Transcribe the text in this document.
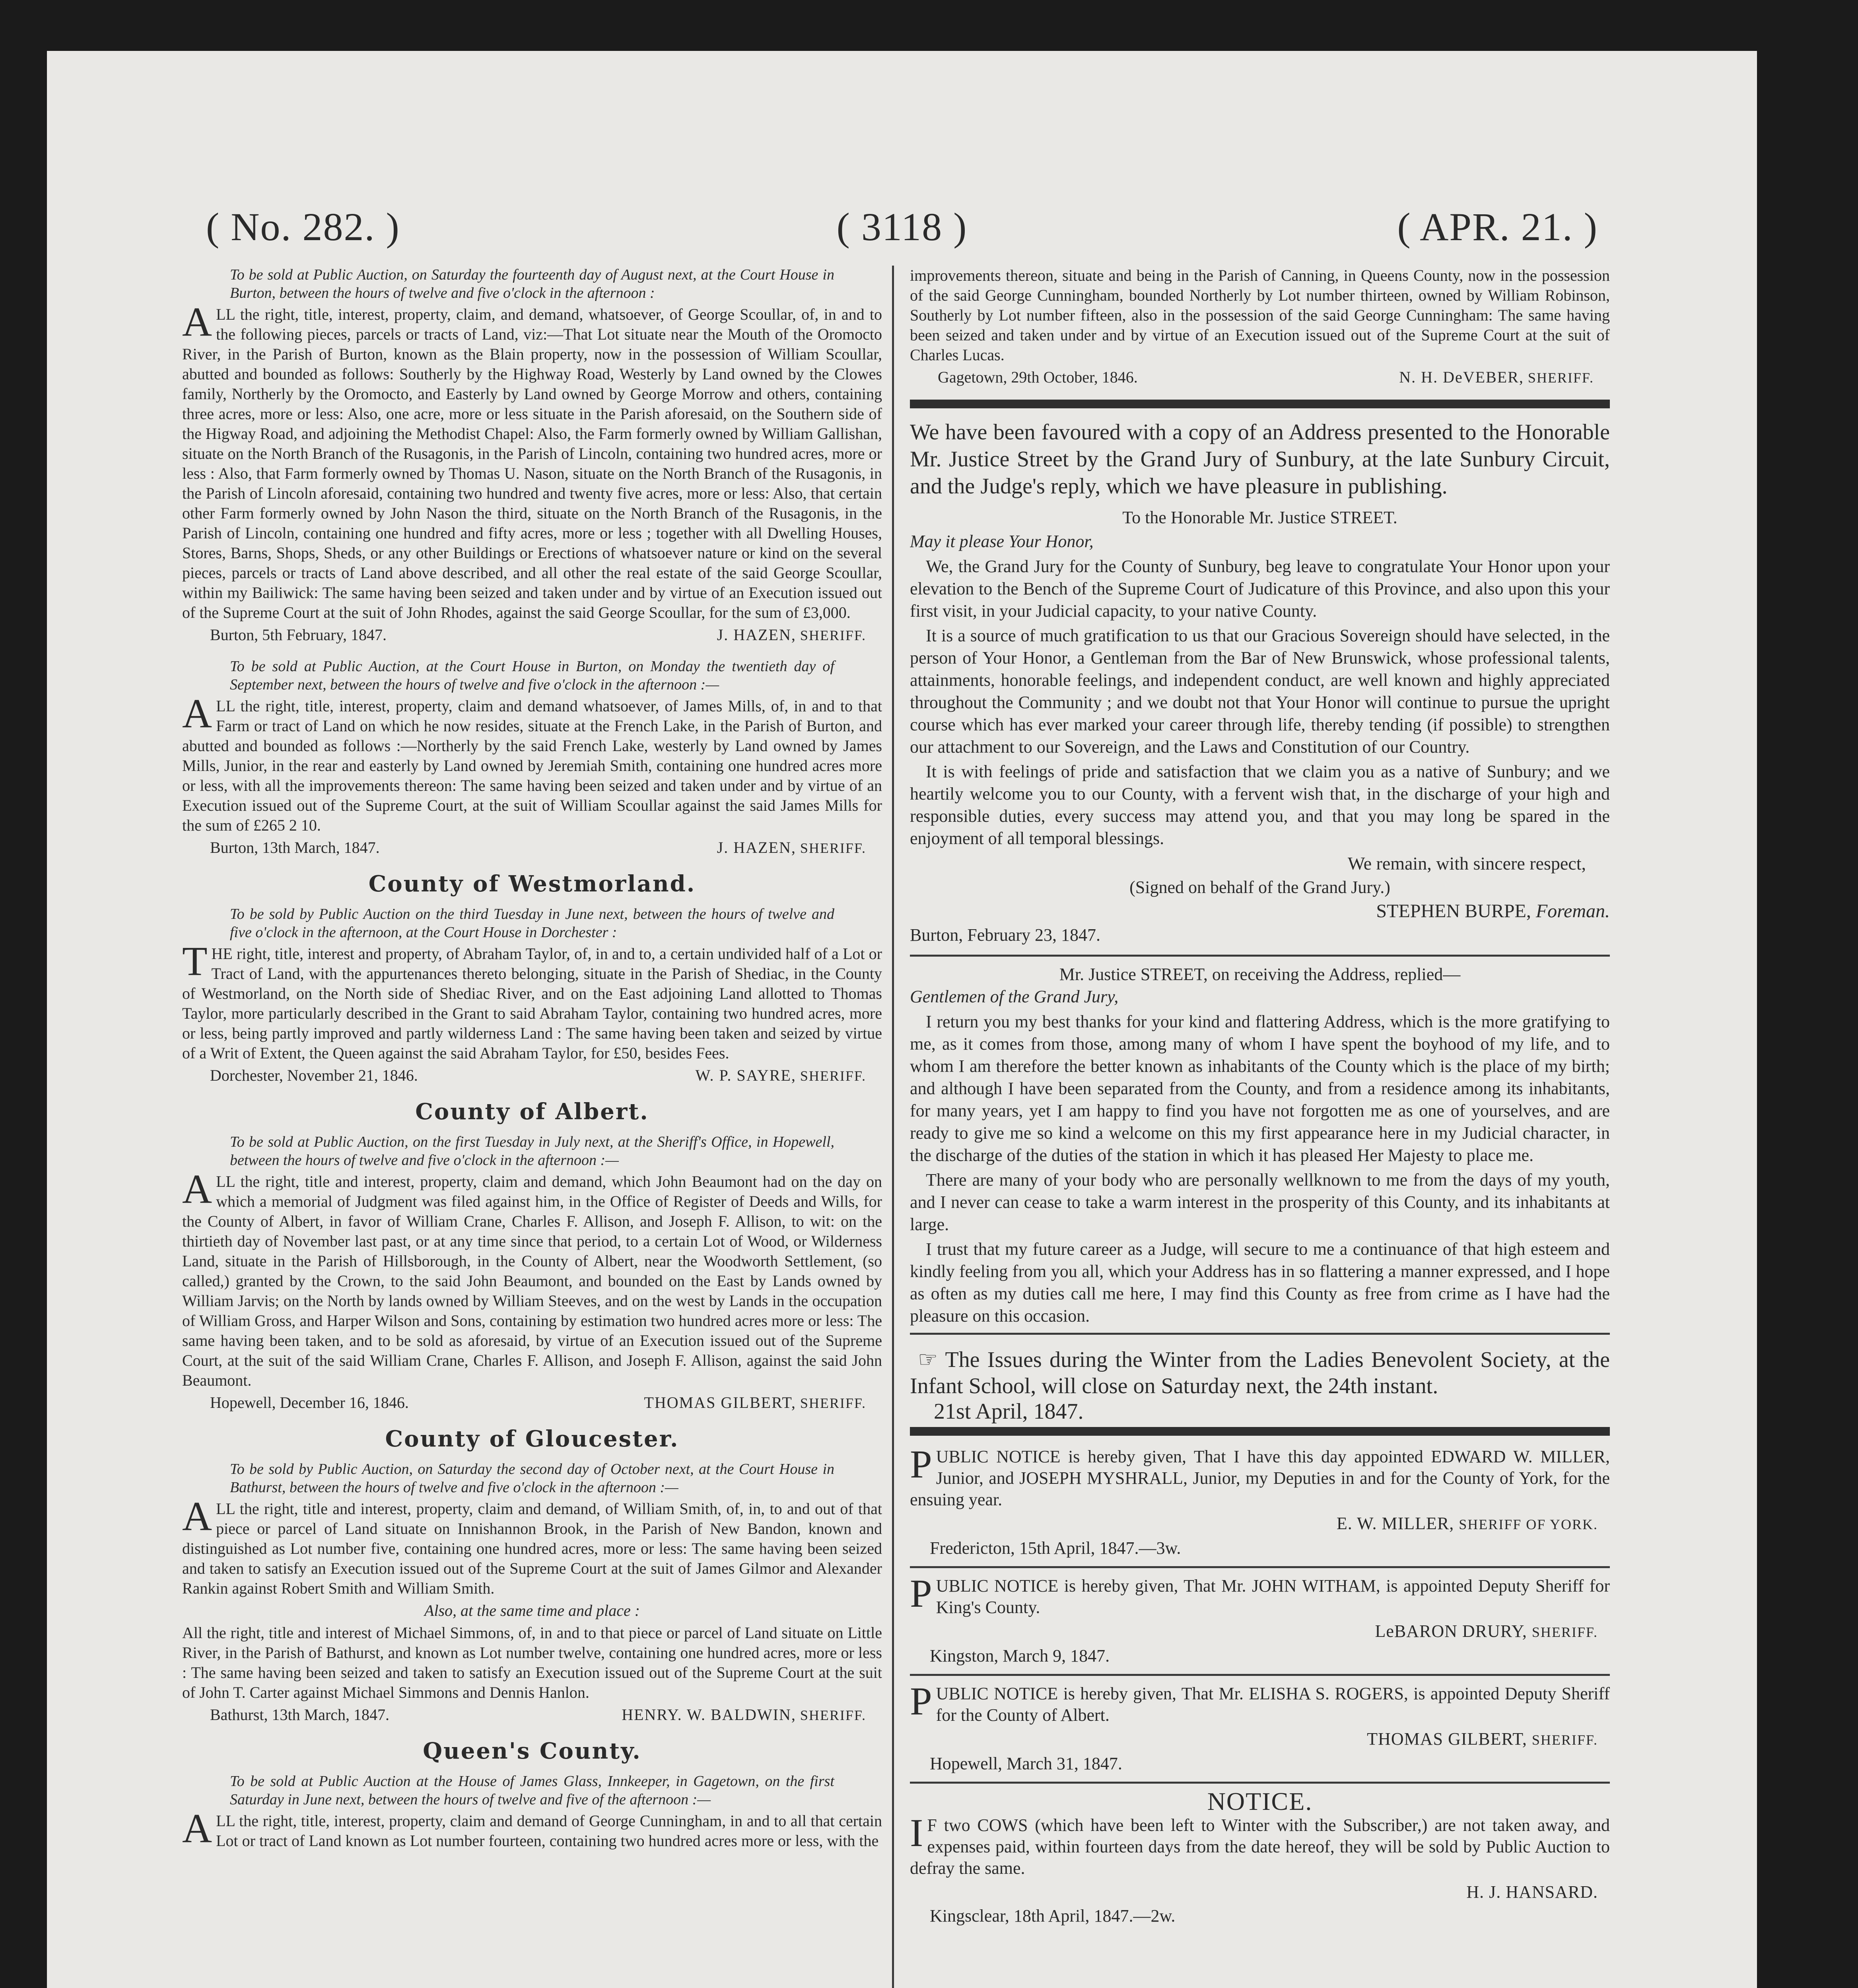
( No. 282. )	( 3118 )	( APR. 21. )

To be sold at Public Auction, on Saturday the fourteenth day of August next, at the Court House in Burton, between the hours of twelve and five o'clock in the afternoon :

ALL the right, title, interest, property, claim, and demand, whatsoever, of George Scoullar, of, in and to the following pieces, parcels or tracts of Land, viz:—That Lot situate near the Mouth of the Oromocto River, in the Parish of Burton, known as the Blain property, now in the possession of William Scoullar, abutted and bounded as follows: Southerly by the Highway Road, Westerly by Land owned by the Clowes family, Northerly by the Oromocto, and Easterly by Land owned by George Morrow and others, containing three acres, more or less: Also, one acre, more or less situate in the Parish aforesaid, on the Southern side of the Higway Road, and adjoining the Methodist Chapel: Also, the Farm formerly owned by William Gallishan, situate on the North Branch of the Rusagonis, in the Parish of Lincoln, containing two hundred acres, more or less : Also, that Farm formerly owned by Thomas U. Nason, situate on the North Branch of the Rusagonis, in the Parish of Lincoln aforesaid, containing two hundred and twenty five acres, more or less: Also, that certain other Farm formerly owned by John Nason the third, situate on the North Branch of the Rusagonis, in the Parish of Lincoln, containing one hundred and fifty acres, more or less ; together with all Dwelling Houses, Stores, Barns, Shops, Sheds, or any other Buildings or Erections of whatsoever nature or kind on the several pieces, parcels or tracts of Land above described, and all other the real estate of the said George Scoullar, within my Bailiwick: The same having been seized and taken under and by virtue of an Execution issued out of the Supreme Court at the suit of John Rhodes, against the said George Scoullar, for the sum of £3,000.

Burton, 5th February, 1847.	J. HAZEN, SHERIFF.

To be sold at Public Auction, at the Court House in Burton, on Monday the twentieth day of September next, between the hours of twelve and five o'clock in the afternoon :—

ALL the right, title, interest, property, claim and demand whatsoever, of James Mills, of, in and to that Farm or tract of Land on which he now resides, situate at the French Lake, in the Parish of Burton, and abutted and bounded as follows :—Northerly by the said French Lake, westerly by Land owned by James Mills, Junior, in the rear and easterly by Land owned by Jeremiah Smith, containing one hundred acres more or less, with all the improvements thereon: The same having been seized and taken under and by virtue of an Execution issued out of the Supreme Court, at the suit of William Scoullar against the said James Mills for the sum of £265 2 10.

Burton, 13th March, 1847.	J. HAZEN, SHERIFF.
County of Westmorland.

To be sold by Public Auction on the third Tuesday in June next, between the hours of twelve and five o'clock in the afternoon, at the Court House in Dorchester :

THE right, title, interest and property, of Abraham Taylor, of, in and to, a certain undivided half of a Lot or Tract of Land, with the appurtenances thereto belonging, situate in the Parish of Shediac, in the County of Westmorland, on the North side of Shediac River, and on the East adjoining Land allotted to Thomas Taylor, more particularly described in the Grant to said Abraham Taylor, containing two hundred acres, more or less, being partly improved and partly wilderness Land : The same having been taken and seized by virtue of a Writ of Extent, the Queen against the said Abraham Taylor, for £50, besides Fees.

Dorchester, November 21, 1846.	W. P. SAYRE, SHERIFF.
County of Albert.

To be sold at Public Auction, on the first Tuesday in July next, at the Sheriff's Office, in Hopewell, between the hours of twelve and five o'clock in the afternoon :—

ALL the right, title and interest, property, claim and demand, which John Beaumont had on the day on which a memorial of Judgment was filed against him, in the Office of Register of Deeds and Wills, for the County of Albert, in favor of William Crane, Charles F. Allison, and Joseph F. Allison, to wit: on the thirtieth day of November last past, or at any time since that period, to a certain Lot of Wood, or Wilderness Land, situate in the Parish of Hillsborough, in the County of Albert, near the Woodworth Settlement, (so called,) granted by the Crown, to the said John Beaumont, and bounded on the East by Lands owned by William Jarvis; on the North by lands owned by William Steeves, and on the west by Lands in the occupation of William Gross, and Harper Wilson and Sons, containing by estimation two hundred acres more or less: The same having been taken, and to be sold as aforesaid, by virtue of an Execution issued out of the Supreme Court, at the suit of the said William Crane, Charles F. Allison, and Joseph F. Allison, against the said John Beaumont.

Hopewell, December 16, 1846.	THOMAS GILBERT, SHERIFF.
County of Gloucester.

To be sold by Public Auction, on Saturday the second day of October next, at the Court House in Bathurst, between the hours of twelve and five o'clock in the afternoon :—

ALL the right, title and interest, property, claim and demand, of William Smith, of, in, to and out of that piece or parcel of Land situate on Innishannon Brook, in the Parish of New Bandon, known and distinguished as Lot number five, containing one hundred acres, more or less: The same having been seized and taken to satisfy an Execution issued out of the Supreme Court at the suit of James Gilmor and Alexander Rankin against Robert Smith and William Smith.

Also, at the same time and place :

All the right, title and interest of Michael Simmons, of, in and to that piece or parcel of Land situate on Little River, in the Parish of Bathurst, and known as Lot number twelve, containing one hundred acres, more or less : The same having been seized and taken to satisfy an Execution issued out of the Supreme Court at the suit of John T. Carter against Michael Simmons and Dennis Hanlon.

Bathurst, 13th March, 1847.	HENRY. W. BALDWIN, SHERIFF.
Queen's County.

To be sold at Public Auction at the House of James Glass, Innkeeper, in Gagetown, on the first Saturday in June next, between the hours of twelve and five of the afternoon :—

ALL the right, title, interest, property, claim and demand of George Cunningham, in and to all that certain Lot or tract of Land known as Lot number fourteen, containing two hundred acres more or less, with the

improvements thereon, situate and being in the Parish of Canning, in Queens County, now in the possession of the said George Cunningham, bounded Northerly by Lot number thirteen, owned by William Robinson, Southerly by Lot number fifteen, also in the possession of the said George Cunningham: The same having been seized and taken under and by virtue of an Execution issued out of the Supreme Court at the suit of Charles Lucas.

Gagetown, 29th October, 1846.	N. H. DeVEBER, SHERIFF.

We have been favoured with a copy of an Address presented to the Honorable Mr. Justice Street by the Grand Jury of Sunbury, at the late Sunbury Circuit, and the Judge's reply, which we have pleasure in publishing.

To the Honorable Mr. Justice STREET.

May it please Your Honor,

We, the Grand Jury for the County of Sunbury, beg leave to congratulate Your Honor upon your elevation to the Bench of the Supreme Court of Judicature of this Province, and also upon this your first visit, in your Judicial capacity, to your native County.

It is a source of much gratification to us that our Gracious Sovereign should have selected, in the person of Your Honor, a Gentleman from the Bar of New Brunswick, whose professional talents, attainments, honorable feelings, and independent conduct, are well known and highly appreciated throughout the Community ; and we doubt not that Your Honor will continue to pursue the upright course which has ever marked your career through life, thereby tending (if possible) to strengthen our attachment to our Sovereign, and the Laws and Constitution of our Country.

It is with feelings of pride and satisfaction that we claim you as a native of Sunbury; and we heartily welcome you to our County, with a fervent wish that, in the discharge of your high and responsible duties, every success may attend you, and that you may long be spared in the enjoyment of all temporal blessings.

We remain, with sincere respect,

(Signed on behalf of the Grand Jury.)

STEPHEN BURPE, Foreman.

Burton, February 23, 1847.

Mr. Justice STREET, on receiving the Address, replied—

Gentlemen of the Grand Jury,

I return you my best thanks for your kind and flattering Address, which is the more gratifying to me, as it comes from those, among many of whom I have spent the boyhood of my life, and to whom I am therefore the better known as inhabitants of the County which is the place of my birth; and although I have been separated from the County, and from a residence among its inhabitants, for many years, yet I am happy to find you have not forgotten me as one of yourselves, and are ready to give me so kind a welcome on this my first appearance here in my Judicial character, in the discharge of the duties of the station in which it has pleased Her Majesty to place me.

There are many of your body who are personally wellknown to me from the days of my youth, and I never can cease to take a warm interest in the prosperity of this County, and its inhabitants at large.

I trust that my future career as a Judge, will secure to me a continuance of that high esteem and kindly feeling from you all, which your Address has in so flattering a manner expressed, and I hope as often as my duties call me here, I may find this County as free from crime as I have had the pleasure on this occasion.

☞ The Issues during the Winter from the Ladies Benevolent Society, at the Infant School, will close on Saturday next, the 24th instant.

21st April, 1847.

PUBLIC NOTICE is hereby given, That I have this day appointed EDWARD W. MILLER, Junior, and JOSEPH MYSHRALL, Junior, my Deputies in and for the County of York, for the ensuing year.

E. W. MILLER, SHERIFF OF YORK.

Fredericton, 15th April, 1847.—3w.

PUBLIC NOTICE is hereby given, That Mr. JOHN WITHAM, is appointed Deputy Sheriff for King's County.

LeBARON DRURY, SHERIFF.

Kingston, March 9, 1847.

PUBLIC NOTICE is hereby given, That Mr. ELISHA S. ROGERS, is appointed Deputy Sheriff for the County of Albert.

THOMAS GILBERT, SHERIFF.

Hopewell, March 31, 1847.

NOTICE.

I F two COWS (which have been left to Winter with the Subscriber,) are not taken away, and expenses paid, within fourteen days from the date hereof, they will be sold by Public Auction to defray the same.

H. J. HANSARD.

Kingsclear, 18th April, 1847.—2w.
